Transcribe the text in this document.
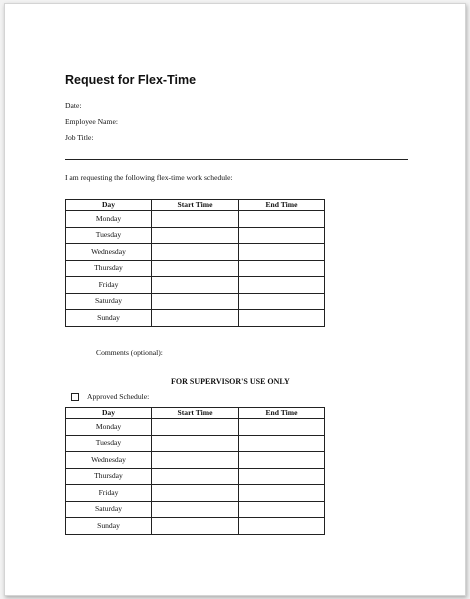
Request for Flex-Time
Date:
Employee Name:
Job Title:
I am requesting the following flex-time work schedule:
Day	Start Time	End Time
Monday		
Tuesday		
Wednesday		
Thursday		
Friday		
Saturday		
Sunday		
Comments (optional):
FOR SUPERVISOR'S USE ONLY
Approved Schedule:
Day	Start Time	End Time
Monday		
Tuesday		
Wednesday		
Thursday		
Friday		
Saturday		
Sunday		
